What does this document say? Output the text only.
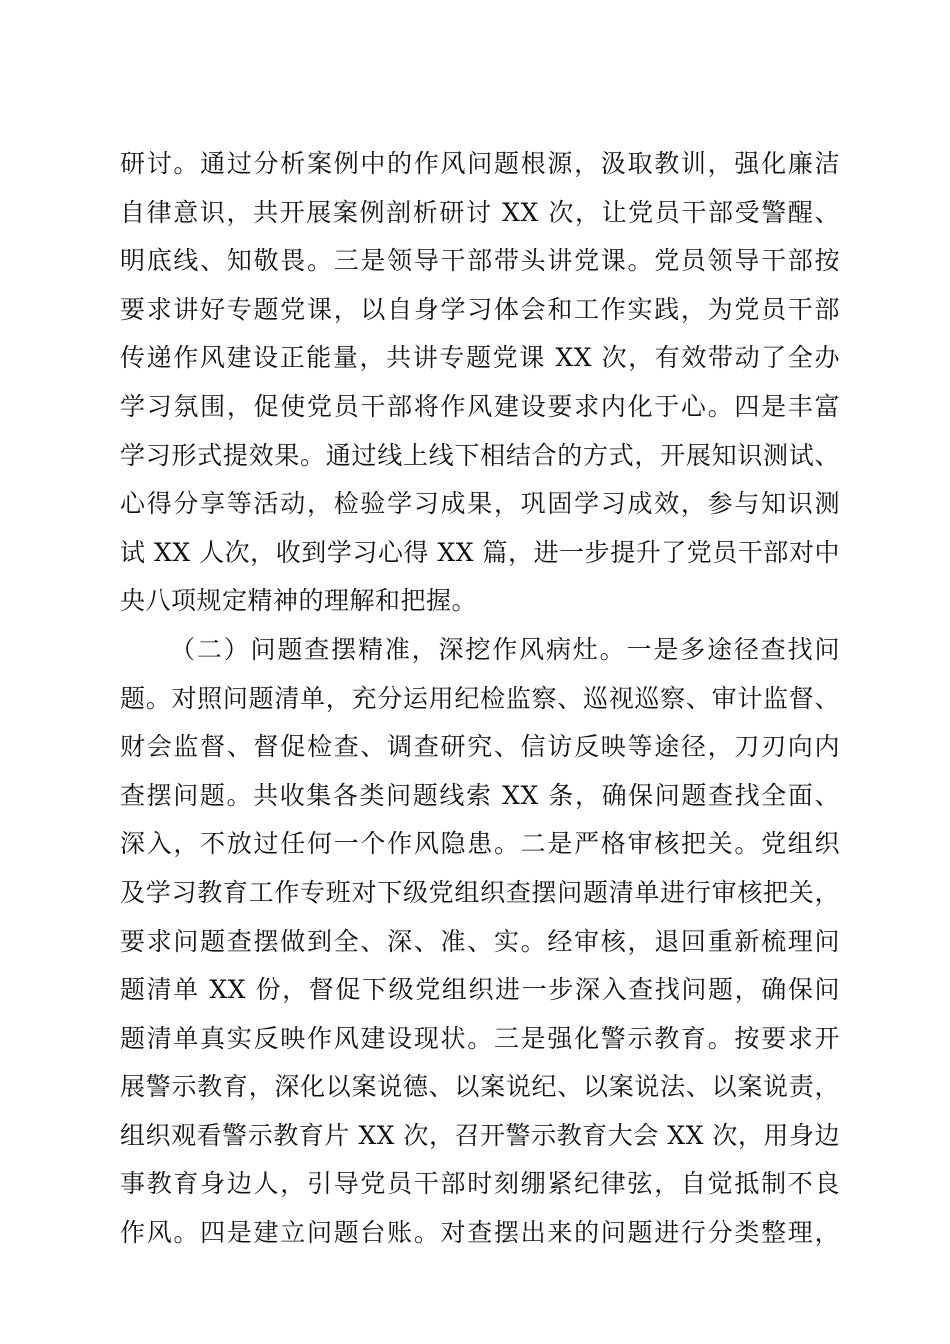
研讨。通过分析案例中的作风问题根源，汲取教训，强化廉洁
自律意识，共开展案例剖析研讨 XX 次，让党员干部受警醒、
明底线、知敬畏。三是领导干部带头讲党课。党员领导干部按
要求讲好专题党课，以自身学习体会和工作实践，为党员干部
传递作风建设正能量，共讲专题党课 XX 次，有效带动了全办
学习氛围，促使党员干部将作风建设要求内化于心。四是丰富
学习形式提效果。通过线上线下相结合的方式，开展知识测试、
心得分享等活动，检验学习成果，巩固学习成效，参与知识测
试 XX 人次，收到学习心得 XX 篇，进一步提升了党员干部对中
央八项规定精神的理解和把握。
（二）问题查摆精准，深挖作风病灶。一是多途径查找问
题。对照问题清单，充分运用纪检监察、巡视巡察、审计监督、
财会监督、督促检查、调查研究、信访反映等途径，刀刃向内
查摆问题。共收集各类问题线索 XX 条，确保问题查找全面、
深入，不放过任何一个作风隐患。二是严格审核把关。党组织
及学习教育工作专班对下级党组织查摆问题清单进行审核把关，
要求问题查摆做到全、深、准、实。经审核，退回重新梳理问
题清单 XX 份，督促下级党组织进一步深入查找问题，确保问
题清单真实反映作风建设现状。三是强化警示教育。按要求开
展警示教育，深化以案说德、以案说纪、以案说法、以案说责，
组织观看警示教育片 XX 次，召开警示教育大会 XX 次，用身边
事教育身边人，引导党员干部时刻绷紧纪律弦，自觉抵制不良
作风。四是建立问题台账。对查摆出来的问题进行分类整理，
